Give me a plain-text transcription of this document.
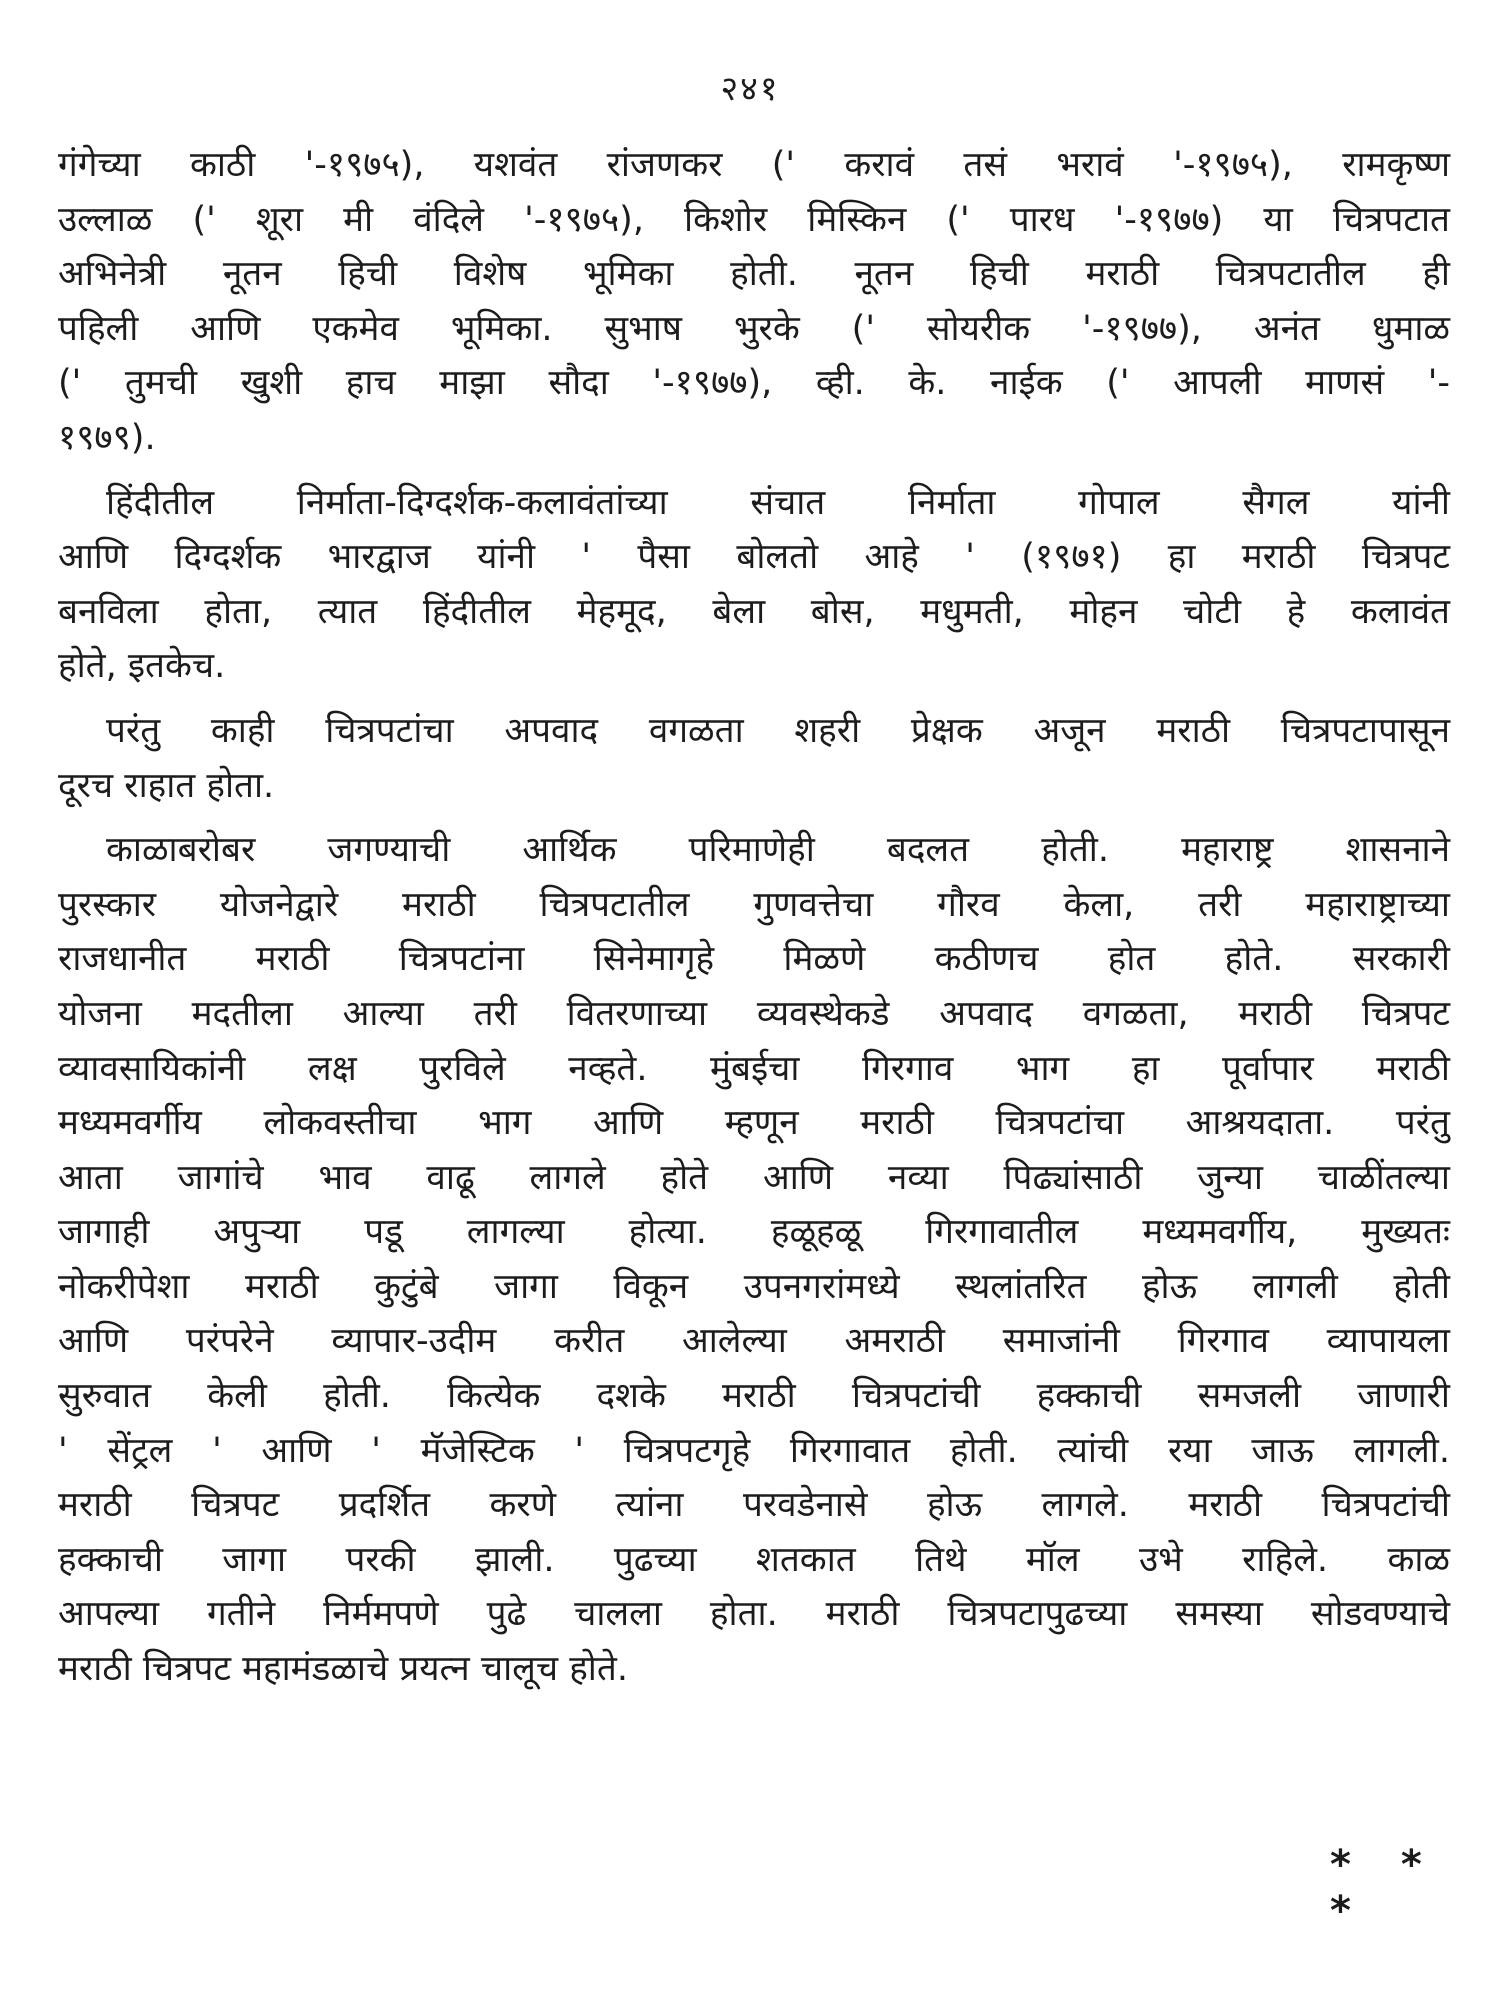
२४१
गंगेच्या काठी '-१९७५), यशवंत रांजणकर (' करावं तसं भरावं '-१९७५), रामकृष्ण
उल्लाळ (' शूरा मी वंदिले '-१९७५), किशोर मिस्किन (' पारध '-१९७७) या चित्रपटात
अभिनेत्री नूतन हिची विशेष भूमिका होती. नूतन हिची मराठी चित्रपटातील ही
पहिली आणि एकमेव भूमिका. सुभाष भुरके (' सोयरीक '-१९७७), अनंत धुमाळ
(' तुमची खुशी हाच माझा सौदा '-१९७७), व्ही. के. नाईक (' आपली माणसं '-
१९७९).
हिंदीतील निर्माता-दिग्दर्शक-कलावंतांच्या संचात निर्माता गोपाल सैगल यांनी
आणि दिग्दर्शक भारद्वाज यांनी ' पैसा बोलतो आहे ' (१९७१) हा मराठी चित्रपट
बनविला होता, त्यात हिंदीतील मेहमूद, बेला बोस, मधुमती, मोहन चोटी हे कलावंत
होते, इतकेच.
परंतु काही चित्रपटांचा अपवाद वगळता शहरी प्रेक्षक अजून मराठी चित्रपटापासून
दूरच राहात होता.
काळाबरोबर जगण्याची आर्थिक परिमाणेही बदलत होती. महाराष्ट्र शासनाने
पुरस्कार योजनेद्वारे मराठी चित्रपटातील गुणवत्तेचा गौरव केला, तरी महाराष्ट्राच्या
राजधानीत मराठी चित्रपटांना सिनेमागृहे मिळणे कठीणच होत होते. सरकारी
योजना मदतीला आल्या तरी वितरणाच्या व्यवस्थेकडे अपवाद वगळता, मराठी चित्रपट
व्यावसायिकांनी लक्ष पुरविले नव्हते. मुंबईचा गिरगाव भाग हा पूर्वापार मराठी
मध्यमवर्गीय लोकवस्तीचा भाग आणि म्हणून मराठी चित्रपटांचा आश्रयदाता. परंतु
आता जागांचे भाव वाढू लागले होते आणि नव्या पिढ्यांसाठी जुन्या चाळींतल्या
जागाही अपुऱ्या पडू लागल्या होत्या. हळूहळू गिरगावातील मध्यमवर्गीय, मुख्यतः
नोकरीपेशा मराठी कुटुंबे जागा विकून उपनगरांमध्ये स्थलांतरित होऊ लागली होती
आणि परंपरेने व्यापार-उदीम करीत आलेल्या अमराठी समाजांनी गिरगाव व्यापायला
सुरुवात केली होती. कित्येक दशके मराठी चित्रपटांची हक्काची समजली जाणारी
' सेंट्रल ' आणि ' मॅजेस्टिक ' चित्रपटगृहे गिरगावात होती. त्यांची रया जाऊ लागली.
मराठी चित्रपट प्रदर्शित करणे त्यांना परवडेनासे होऊ लागले. मराठी चित्रपटांची
हक्काची जागा परकी झाली. पुढच्या शतकात तिथे मॉल उभे राहिले. काळ
आपल्या गतीने निर्ममपणे पुढे चालला होता. मराठी चित्रपटापुढच्या समस्या सोडवण्याचे
मराठी चित्रपट महामंडळाचे प्रयत्न चालूच होते.
* * *
